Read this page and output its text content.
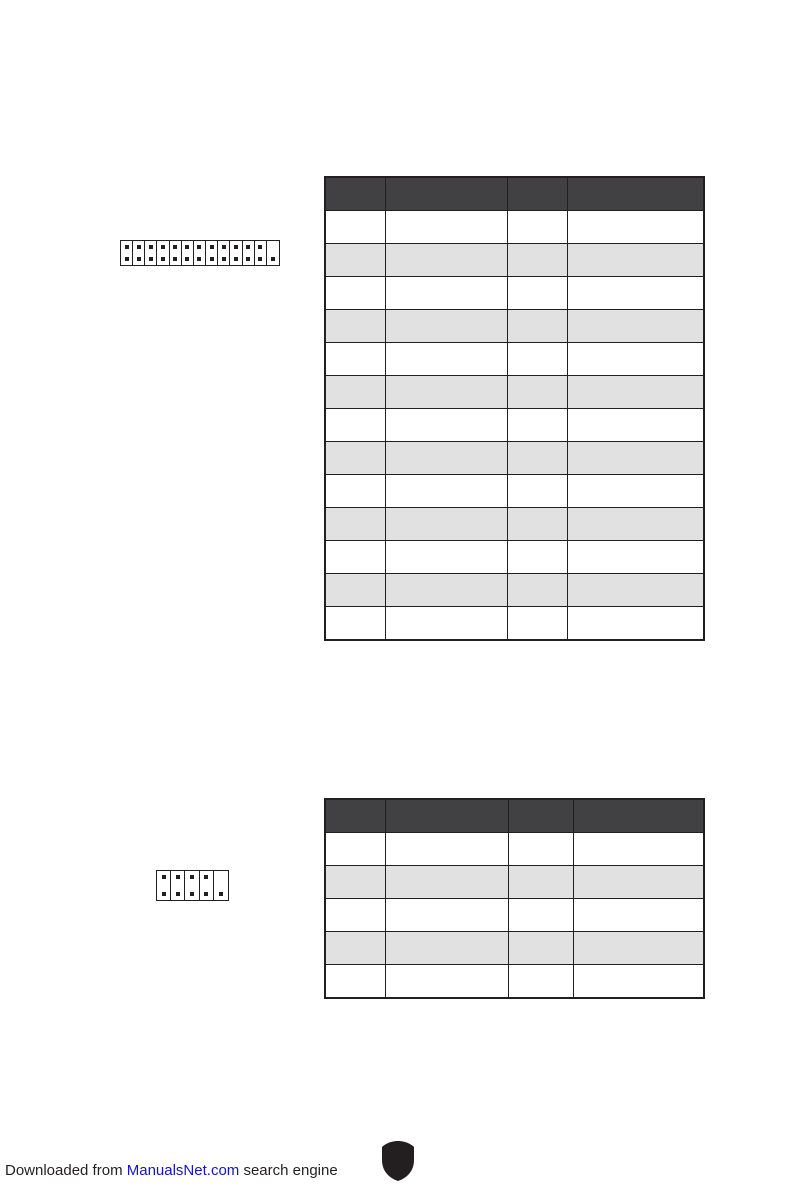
Downloaded from ManualsNet.com search engine
